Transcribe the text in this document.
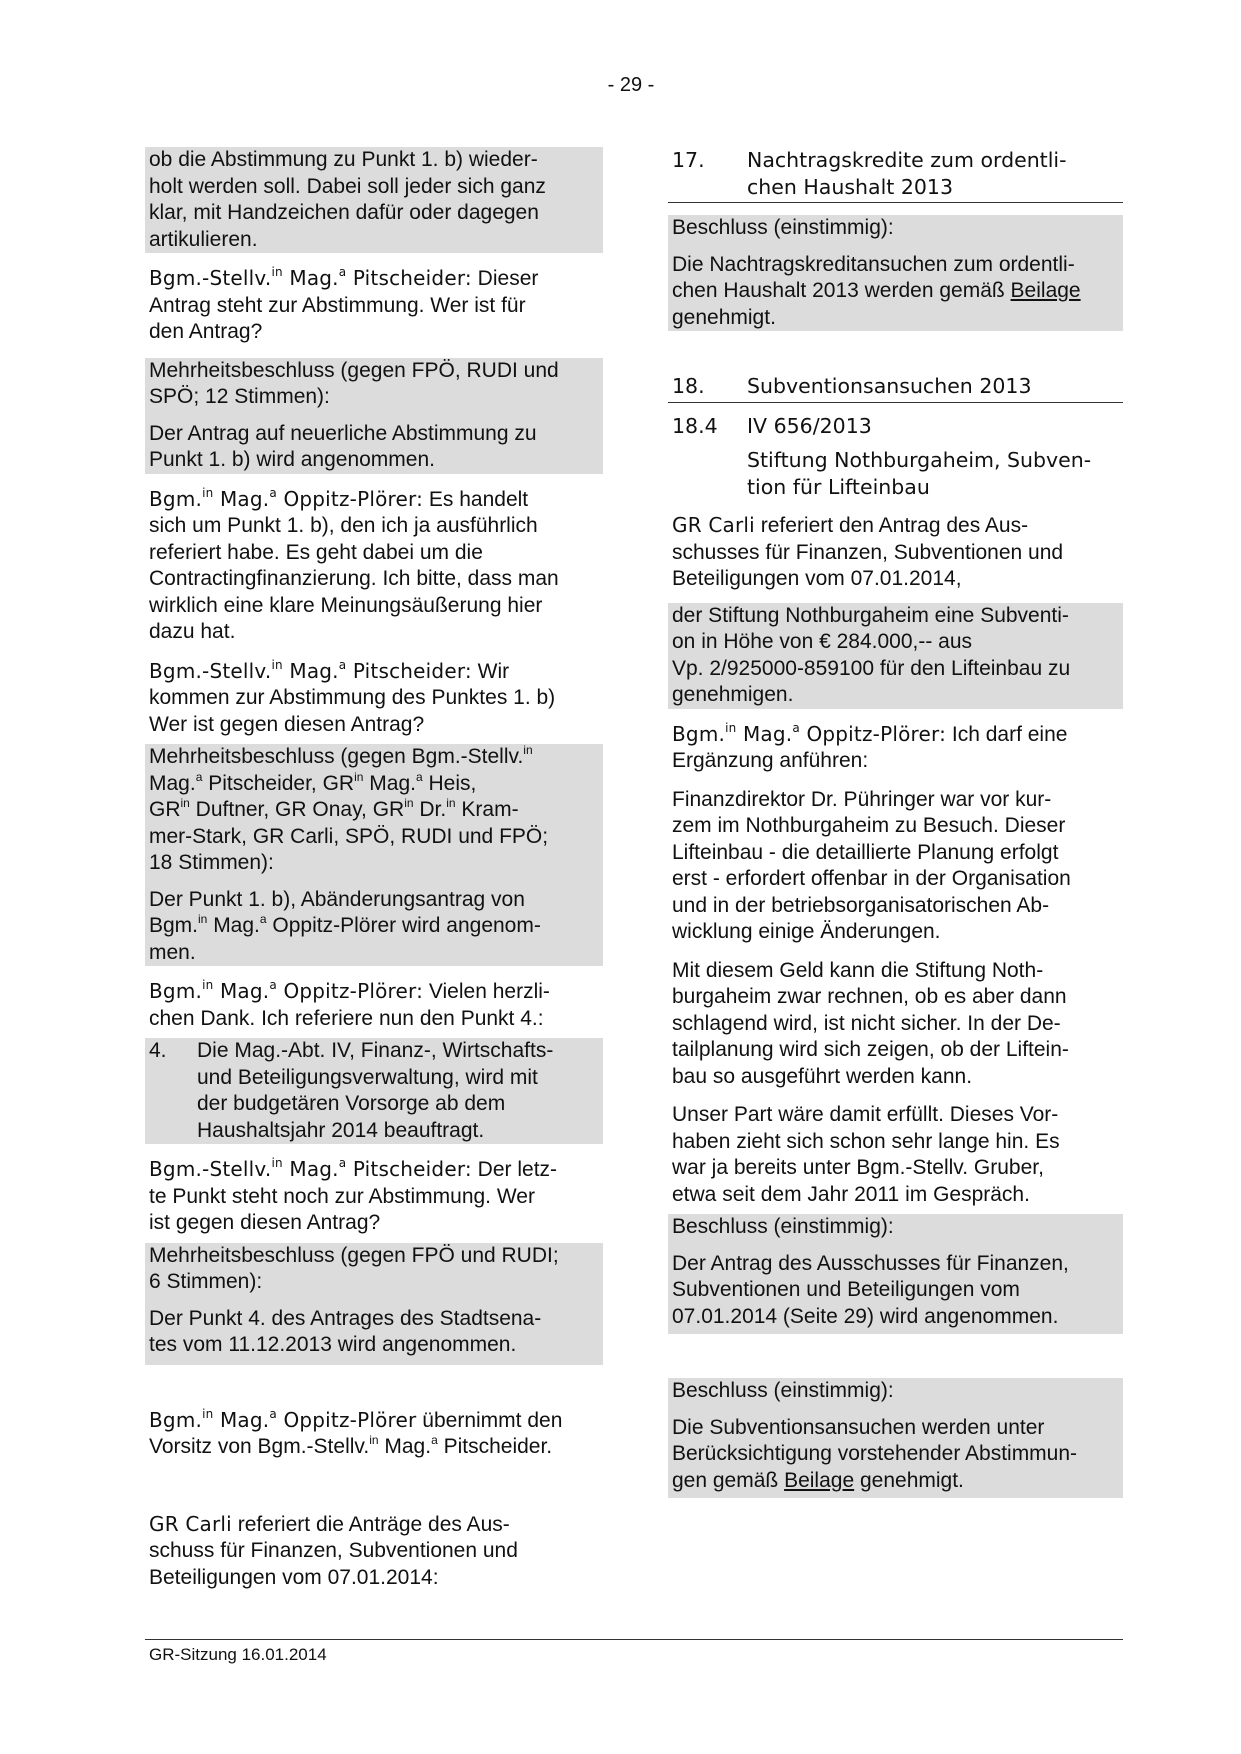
- 29 -
ob die Abstimmung zu Punkt 1. b) wieder-
holt werden soll. Dabei soll jeder sich ganz
klar, mit Handzeichen dafür oder dagegen
artikulieren.
Bgm.-Stellv.$^{in}$ Mag.$^a$ Pitscheider: Dieser
Antrag steht zur Abstimmung. Wer ist für
den Antrag?
Mehrheitsbeschluss (gegen FPÖ, RUDI und
SPÖ; 12 Stimmen):
Der Antrag auf neuerliche Abstimmung zu
Punkt 1. b) wird angenommen.
Bgm.$^{in}$ Mag.$^a$ Oppitz-Plörer: Es handelt
sich um Punkt 1. b), den ich ja ausführlich
referiert habe. Es geht dabei um die
Contractingfinanzierung. Ich bitte, dass man
wirklich eine klare Meinungsäußerung hier
dazu hat.
Bgm.-Stellv.$^{in}$ Mag.$^a$ Pitscheider: Wir
kommen zur Abstimmung des Punktes 1. b)
Wer ist gegen diesen Antrag?
Mehrheitsbeschluss (gegen Bgm.-Stellv.$^{in}$
Mag.$^a$ Pitscheider, $GR^{in}$ Mag.$^a$ Heis,
$GR^{in}$ Duftner, GR Onay, $GR^{in}$ Dr.$^{in}$ Kram-
mer-Stark, GR Carli, SPÖ, RUDI und FPÖ;
18 Stimmen):
Der Punkt 1. b), Abänderungsantrag von
Bgm.$^{in}$ Mag.$^a$ Oppitz-Plörer wird angenom-
men.
Bgm.$^{in}$ Mag.$^a$ Oppitz-Plörer: Vielen herzli-
chen Dank. Ich referiere nun den Punkt 4.:
4.	Die Mag.-Abt. IV, Finanz-, Wirtschafts-
und Beteiligungsverwaltung, wird mit
der budgetären Vorsorge ab dem
Haushaltsjahr 2014 beauftragt.
Bgm.-Stellv.$^{in}$ Mag.$^a$ Pitscheider: Der letz-
te Punkt steht noch zur Abstimmung. Wer
ist gegen diesen Antrag?
Mehrheitsbeschluss (gegen FPÖ und RUDI;
6 Stimmen):
Der Punkt 4. des Antrages des Stadtsena-
tes vom 11.12.2013 wird angenommen.
Bgm.$^{in}$ Mag.$^a$ Oppitz-Plörer übernimmt den
Vorsitz von Bgm.-Stellv.$^{in}$ Mag.$^a$ Pitscheider.
GR Carli referiert die Anträge des Aus-
schuss für Finanzen, Subventionen und
Beteiligungen vom 07.01.2014:
17.	Nachtragskredite zum ordentli-
chen Haushalt 2013
Beschluss (einstimmig):
Die Nachtragskreditansuchen zum ordentli-
chen Haushalt 2013 werden gemäß Beilage
genehmigt.
18.	Subventionsansuchen 2013
18.4	IV 656/2013
Stiftung Nothburgaheim, Subven-
tion für Lifteinbau
GR Carli referiert den Antrag des Aus-
schusses für Finanzen, Subventionen und
Beteiligungen vom 07.01.2014,
der Stiftung Nothburgaheim eine Subventi-
on in Höhe von € 284.000,-- aus
Vp. 2/925000-859100 für den Lifteinbau zu
genehmigen.
Bgm.$^{in}$ Mag.$^a$ Oppitz-Plörer: Ich darf eine
Ergänzung anführen:
Finanzdirektor Dr. Pühringer war vor kur-
zem im Nothburgaheim zu Besuch. Dieser
Lifteinbau - die detaillierte Planung erfolgt
erst - erfordert offenbar in der Organisation
und in der betriebsorganisatorischen Ab-
wicklung einige Änderungen.
Mit diesem Geld kann die Stiftung Noth-
burgaheim zwar rechnen, ob es aber dann
schlagend wird, ist nicht sicher. In der De-
tailplanung wird sich zeigen, ob der Liftein-
bau so ausgeführt werden kann.
Unser Part wäre damit erfüllt. Dieses Vor-
haben zieht sich schon sehr lange hin. Es
war ja bereits unter Bgm.-Stellv. Gruber,
etwa seit dem Jahr 2011 im Gespräch.
Beschluss (einstimmig):
Der Antrag des Ausschusses für Finanzen,
Subventionen und Beteiligungen vom
07.01.2014 (Seite 29) wird angenommen.
Beschluss (einstimmig):
Die Subventionsansuchen werden unter
Berücksichtigung vorstehender Abstimmun-
gen gemäß Beilage genehmigt.
GR-Sitzung 16.01.2014
